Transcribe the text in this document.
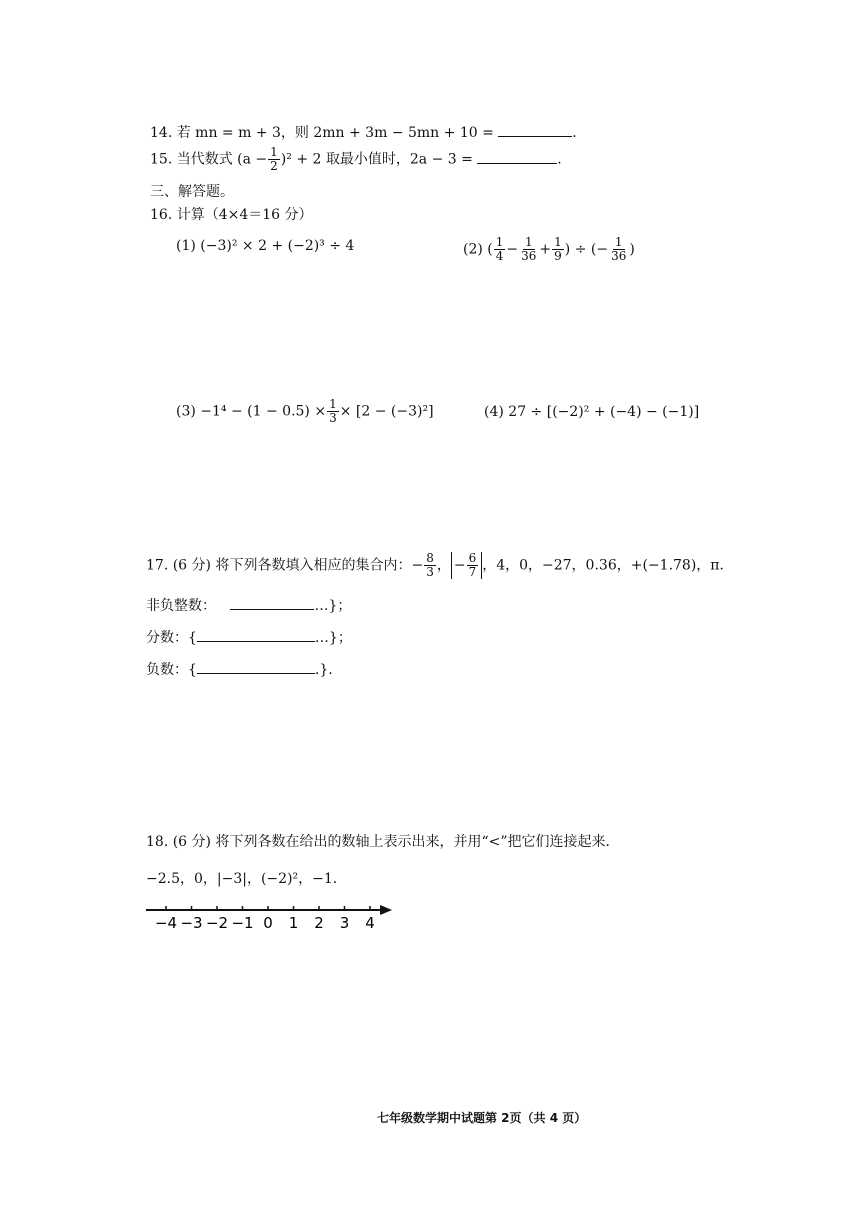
14. 若 mn = m + 3，则 2mn + 3m − 5mn + 10 =	.
15. 当代数式 $(a - \frac{1}{2} )^2 + 2$ 取最小值时，2a − 3 =	.
三、解答题。
16. 计算（4×4＝16 分）
(1) (−3)² × 2 + (−2)³ ÷ 4	(2) ( $\frac{1}{4} - \frac{1}{36} + \frac{1}{9}$ ) ÷ (− $\frac{1}{36}$ )
$(3) -1^4 - (1 - 0.5) \times \frac{1}{3} \times [2 - (-3)^2]$	(4) 27 ÷ [(−2)² + (−4) − (−1)]
17. (6 分) 将下列各数填入相应的集合内：− $\frac{8}{3}$ ， − $\frac{6}{7}$ ，4，0，−27，0.36，+(−1.78)，π．
非负整数：	…}；
分数：{	…}；
负数：{	.}.
18. (6 分) 将下列各数在给出的数轴上表示出来，并用“<”把它们连接起来．
−2.5，0，|−3|，(−2)²，−1．
−4 −3 −2 −1 0 1 2 3 4
七年级数学期中试题第 2页（共 4 页）
